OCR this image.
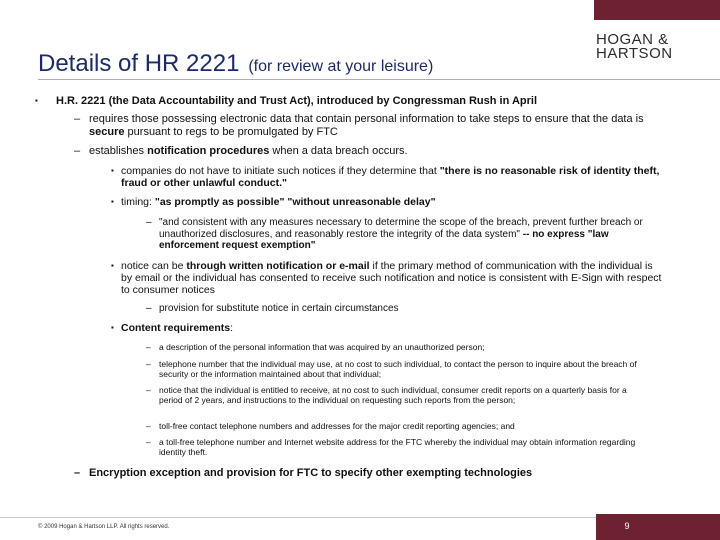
Details of HR 2221 (for review at your leisure)
HOGAN &
HARTSON
▪ H.R. 2221 (the Data Accountability and Trust Act), introduced by Congressman Rush in April
– requires those possessing electronic data that contain personal information to take steps to ensure that the data is secure pursuant to regs to be promulgated by FTC
– establishes notification procedures when a data breach occurs.
▪ companies do not have to initiate such notices if they determine that "there is no reasonable risk of identity theft, fraud or other unlawful conduct."
▪ timing: "as promptly as possible" "without unreasonable delay"
– "and consistent with any measures necessary to determine the scope of the breach, prevent further breach or unauthorized disclosures, and reasonably restore the integrity of the data system" -- no express "law enforcement request exemption"
▪ notice can be through written notification or e-mail if the primary method of communication with the individual is by email or the individual has consented to receive such notification and notice is consistent with E-Sign with respect to consumer notices
– provision for substitute notice in certain circumstances
▪ Content requirements:
– a description of the personal information that was acquired by an unauthorized person;
– telephone number that the individual may use, at no cost to such individual, to contact the person to inquire about the breach of security or the information maintained about that individual;
– notice that the individual is entitled to receive, at no cost to such individual, consumer credit reports on a quarterly basis for a period of 2 years, and instructions to the individual on requesting such reports from the person;
– toll-free contact telephone numbers and addresses for the major credit reporting agencies; and
– a toll-free telephone number and Internet website address for the FTC whereby the individual may obtain information regarding identity theft.
– Encryption exception and provision for FTC to specify other exempting technologies
© 2009 Hogan & Hartson LLP. All rights reserved.	9
